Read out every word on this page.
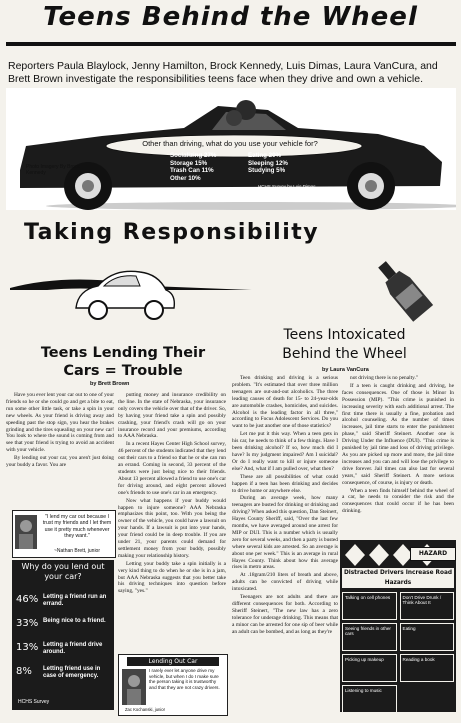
Teens Behind the Wheel
Reporters Paula Blaylock, Jenny Hamilton, Brock Kennedy, Luis Dimas, Laura VanCura, and Brett Brown investigate the responsibilities teens face when they drive and own a vehicle.
Photo Imagery By Brock Kennedy
Other than driving, what do you use your vehicle for?
Socializing 27%	Eating 20%
Storage 15%	Sleeping 12%
Trash Can 11%	Studying 5%
Other 10%
HCHS Survey by Luis Dimas
Taking Responsibility
Teens Lending Their
Cars = Trouble
by Brett Brown

Have you ever lent your car out to one of your friends so he or she could go and get a bite to eat, run some other little task, or take a spin in your new wheels. As your friend is driving away and speeding past the stop sign, you hear the brakes grinding and the tires squealing on your new car! You look to where the sound is coming from and see that your friend is trying to avoid an accident with your vehicle.

By lending out your car, you aren't just doing your buddy a favor. You are

putting money and insurance credibility on the line. In the state of Nebraska, your insurance only covers the vehicle over that of the driver. So, by having your friend take a spin and possibly crashing, your friend's crash will go on your insurance record and your premiums, according to AAA Nebraska.

In a recent Hayes Center High School survey, 46 percent of the students indicated that they lend out their cars to a friend so that he or she can run an errand. Coming in second, 33 percent of the students were just being nice to their friends. About 13 percent allowed a friend to use one's car for driving around, and eight percent allowed one's friends to use one's car in an emergency.

Now what happens if your buddy would happen to injure someone? AAA Nebraska emphasizes this point, too. With you being the owner of the vehicle, you could have a lawsuit on your hands. If a lawsuit is put into your hands, your friend could be in deep trouble. If you are under 21, your parents could demand for settlement money from your buddy, possibly making your relationship history.

Letting your buddy take a spin initially is a very kind thing to do when he or she is in a jam, but AAA Nebraska suggests that you better take his driving techniques into question before saying, "yes."

"I lend my car out because I trust my friends and I let them use it pretty much whenever they want."
~Nathan Brett, junior
Why do you lend out your car?
46% Letting a friend run an errand.
33% Being nice to a friend.
13% Letting a friend drive around.
8%	Letting friend use in case of emergency.
HCHS Survey
Lending Out Car
I rarely ever let anyone drive my vehicle, but when I do I make sure the person taking it is trustworthy and that they are not crazy drivers.
Zac Kochanski, junior
Teens Intoxicated
Behind the Wheel
by Laura VanCura

Teen drinking and driving is a serious problem. "It's estimated that over three million teenagers are out-and-out alcoholics. The three leading causes of death for 15- to 24-year-olds are automobile crashes, homicides, and suicides. Alcohol is the leading factor in all three," according to Focus Adolescent Services. Do you want to be just another one of those statistics?

Let me put it this way. When a teen gets in his car, he needs to think of a few things. Have I been drinking alcohol? If so, how much did I have? Is my judgment impaired? Am I suicidal? Or do I really want to kill or injure someone else? And, what if I am pulled over, what then?

These are all possibilities of what could happen if a teen has been drinking and decides to drive home or anywhere else.

During an average week, how many teenagers are busted for drinking or drinking and driving? When asked this question, Dan Steinert, Hayes County Sheriff, said, "Over the last few months, we have averaged around one arrest for MIP or DUI. This is a number which is usually zero for several weeks, and then a party is busted where several kids are arrested. So an average is about one per week." This is an average in rural Hayes County. Think about how this average rises in metro areas.

At .18gram/210 liters of breath and above, adults can be convicted of driving while intoxicated.

Teenagers are not adults and there are different consequences for both. According to Sheriff Steinert, "The new law has a zero tolerance for underage drinking. This means that a minor can be arrested for one sip of beer while an adult can be bombed, and as long as they're

not driving there is no penalty."

If a teen is caught drinking and driving, he faces consequences. One of those is Minor In Possession (MIP). "This crime is punished in increasing severity with each additional arrest. The first time there is usually a fine, probation and alcohol counseling. As the number of times increases, jail time starts to enter the punishment phase," said Sheriff Steinert. Another one is Driving Under the Influence (DUI). "This crime is punished by jail time and loss of driving privilege. As you are picked up more and more, the jail time increases and you can and will lose the privilege to drive forever. Jail times can also last for several years," said Sheriff Steinert. A more serious consequence, of course, is injury or death.

When a teen finds himself behind the wheel of a car, he needs to consider the risk and the consequences that could occur if he has been drinking.

Distracted Drivers Increase Road Hazards
Talking on cell phones	Don't Drive Drunk / Think About It
Seeing friends in other cars
Eating
Picking up makeup	Reading a book
Listening to music
HAZARD
